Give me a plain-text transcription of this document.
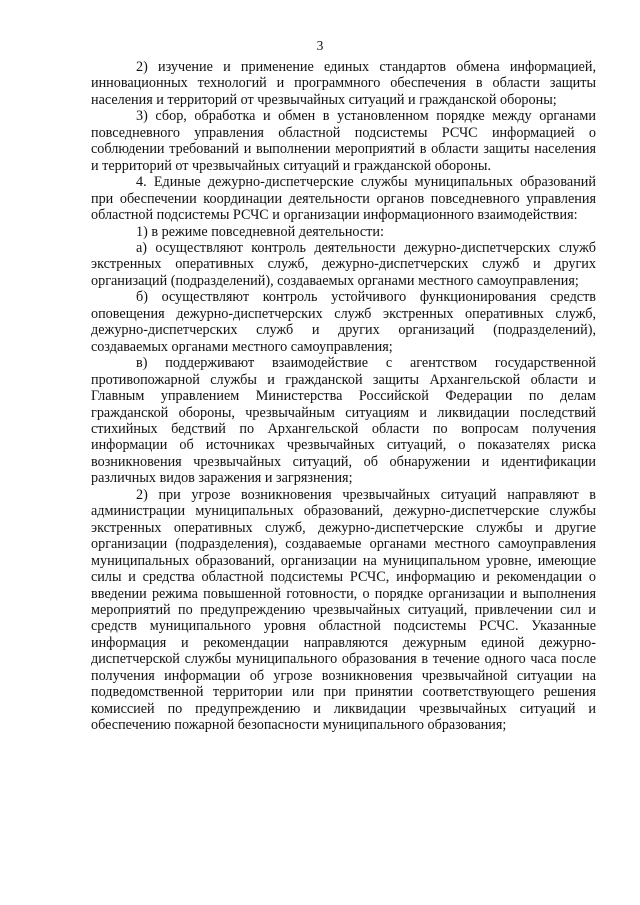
3

2) изучение и применение единых стандартов обмена информацией, инновационных технологий и программного обеспечения в области защиты населения и территорий от чрезвычайных ситуаций и гражданской обороны;

3) сбор, обработка и обмен в установленном порядке между органами повседневного управления областной подсистемы РСЧС информацией о соблюдении требований и выполнении мероприятий в области защиты населения и территорий от чрезвычайных ситуаций и гражданской обороны.

4. Единые дежурно-диспетчерские службы муниципальных образований при обеспечении координации деятельности органов повседневного управления областной подсистемы РСЧС и организации информационного взаимодействия:

1) в режиме повседневной деятельности:

а) осуществляют контроль деятельности дежурно-диспетчерских служб экстренных оперативных служб, дежурно-диспетчерских служб и других организаций (подразделений), создаваемых органами местного самоуправления;

б) осуществляют контроль устойчивого функционирования средств оповещения дежурно-диспетчерских служб экстренных оперативных служб, дежурно-диспетчерских служб и других организаций (подразделений), создаваемых органами местного самоуправления;

в) поддерживают взаимодействие с агентством государственной противопожарной службы и гражданской защиты Архангельской области и Главным управлением Министерства Российской Федерации по делам гражданской обороны, чрезвычайным ситуациям и ликвидации последствий стихийных бедствий по Архангельской области по вопросам получения информации об источниках чрезвычайных ситуаций, о показателях риска возникновения чрезвычайных ситуаций, об обнаружении и идентификации различных видов заражения и загрязнения;

2) при угрозе возникновения чрезвычайных ситуаций направляют в администрации муниципальных образований, дежурно-диспетчерские службы экстренных оперативных служб, дежурно-диспетчерские службы и другие организации (подразделения), создаваемые органами местного самоуправления муниципальных образований, организации на муниципальном уровне, имеющие силы и средства областной подсистемы РСЧС, информацию и рекомендации о введении режима повышенной готовности, о порядке организации и выполнения мероприятий по предупреждению чрезвычайных ситуаций, привлечении сил и средств муниципального уровня областной подсистемы РСЧС. Указанные информация и рекомендации направляются дежурным единой дежурно-диспетчерской службы муниципального образования в течение одного часа после получения информации об угрозе возникновения чрезвычайной ситуации на подведомственной территории или при принятии соответствующего решения комиссией по предупреждению и ликвидации чрезвычайных ситуаций и обеспечению пожарной безопасности муниципального образования;
